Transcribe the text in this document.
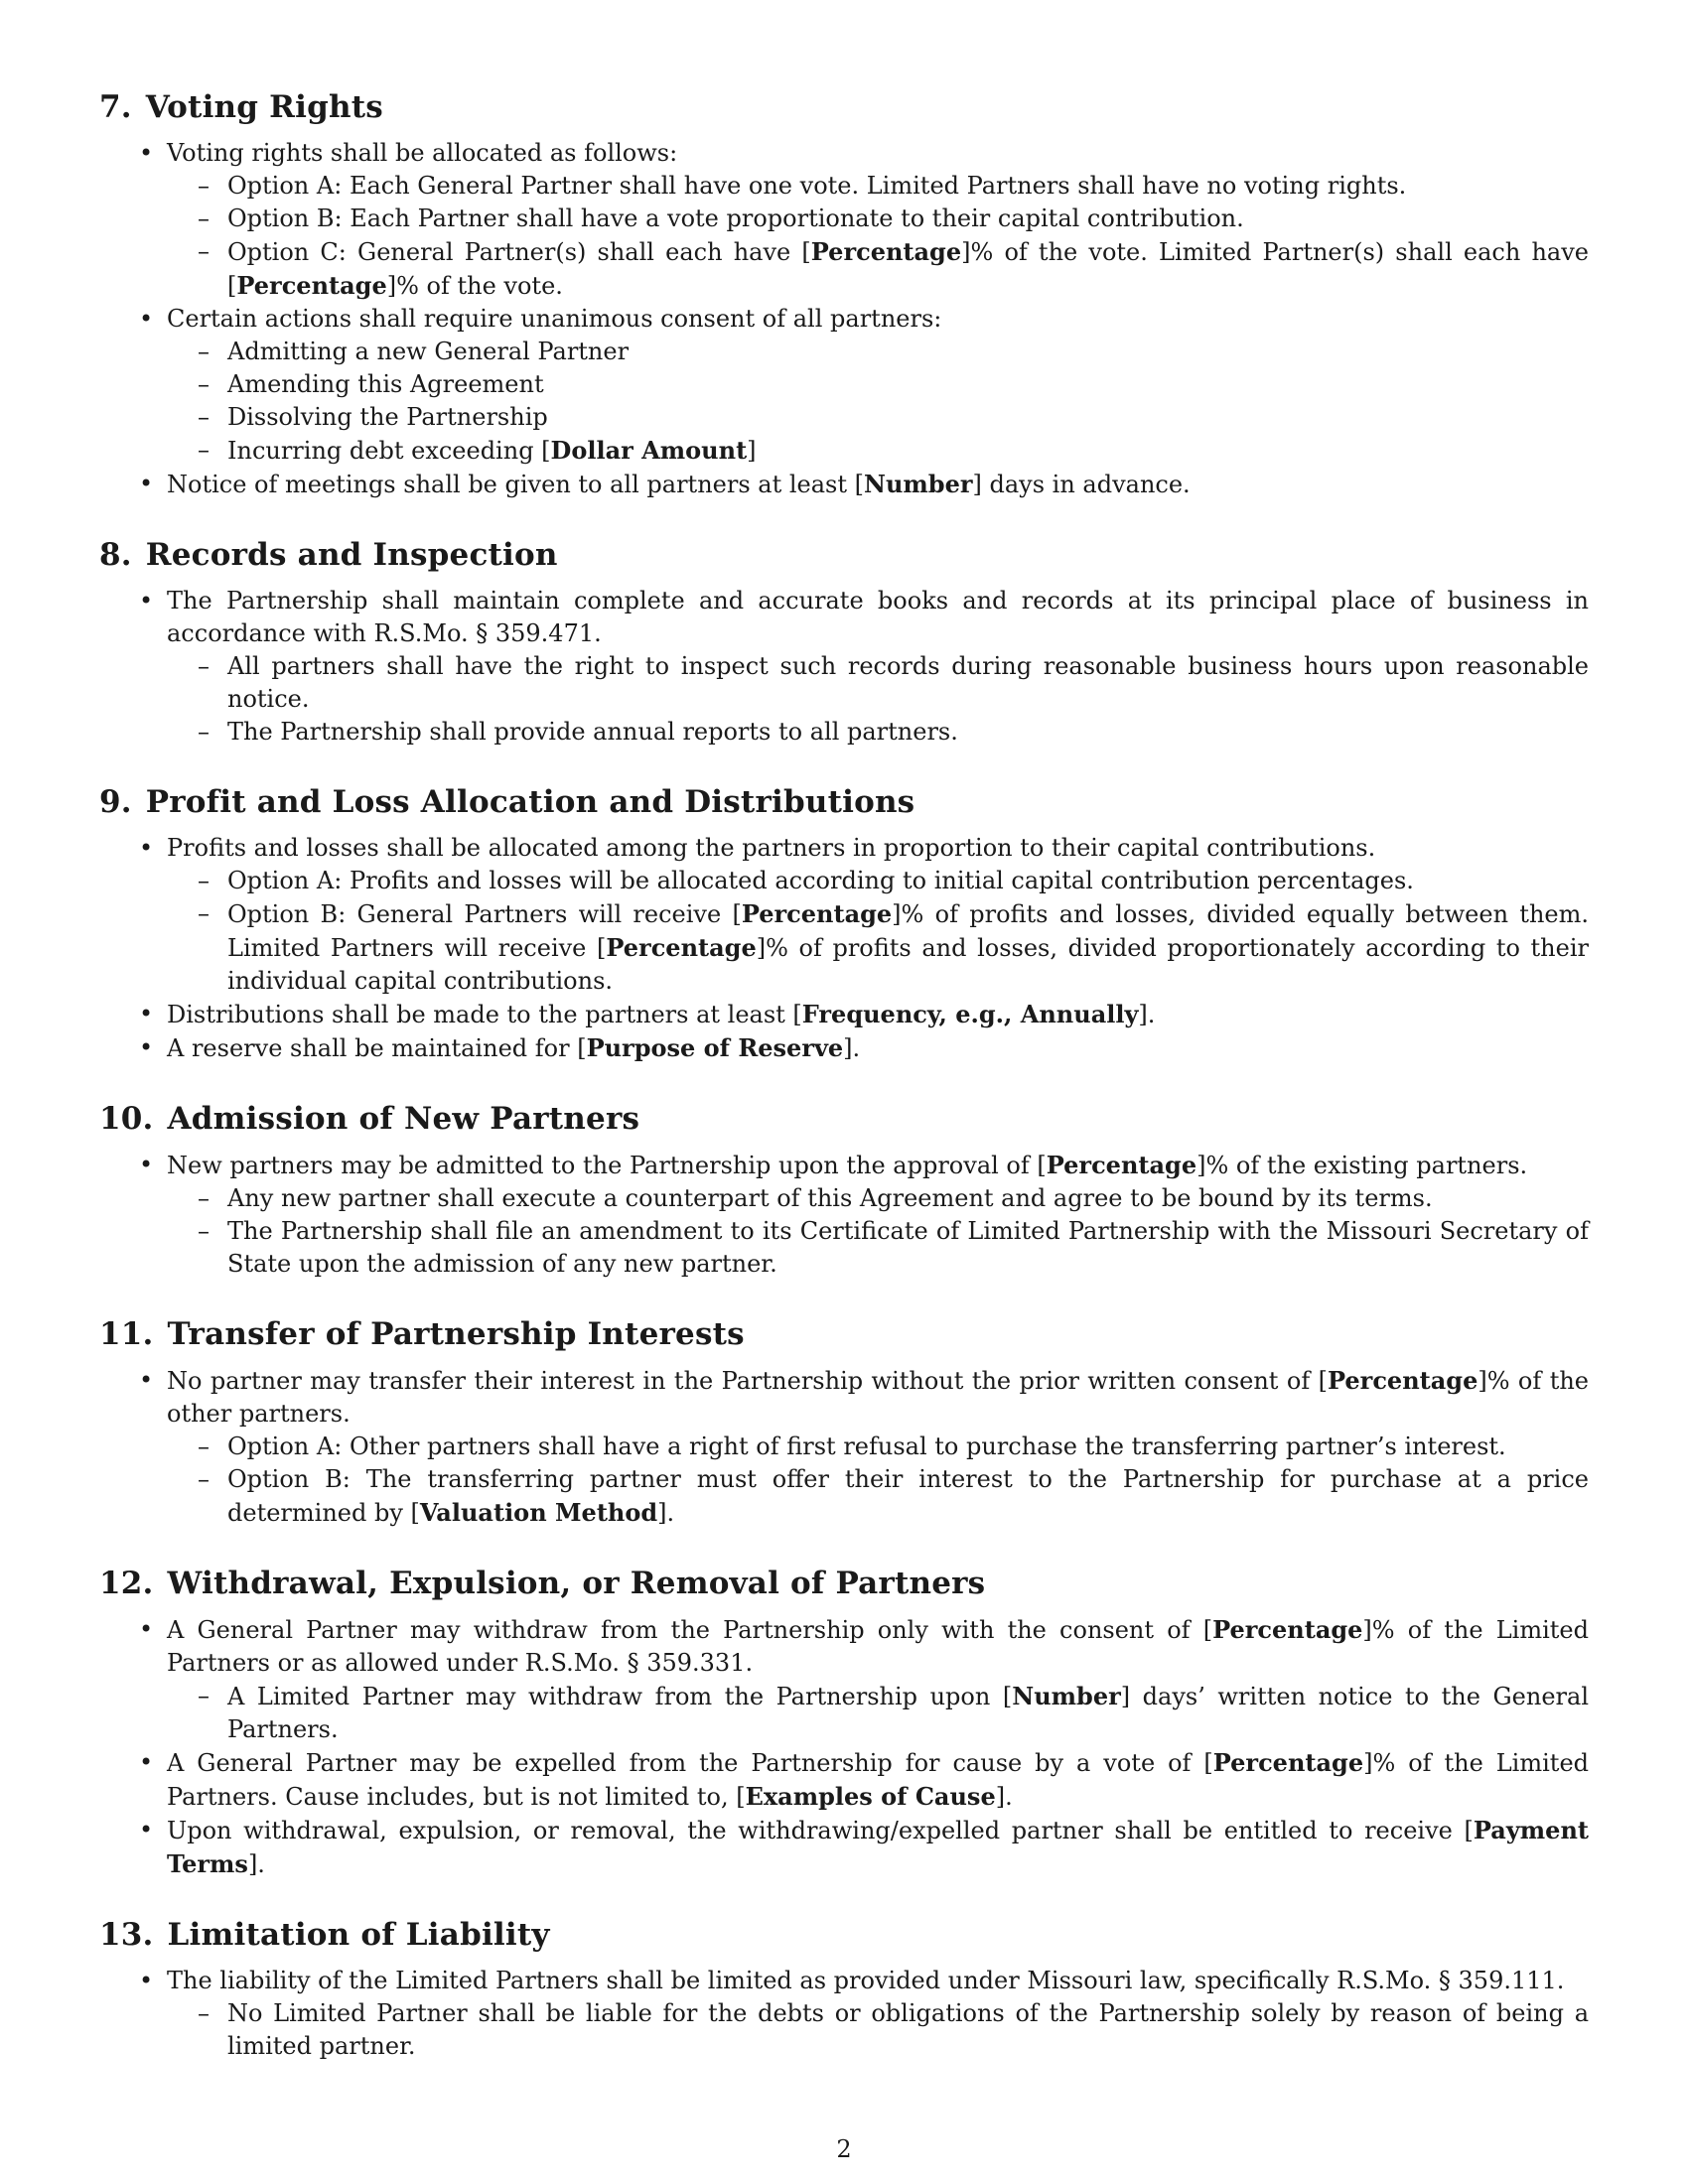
7. Voting Rights
• Voting rights shall be allocated as follows:
– Option A: Each General Partner shall have one vote. Limited Partners shall have no voting rights.
– Option B: Each Partner shall have a vote proportionate to their capital contribution.
– Option C: General Partner(s) shall each have [Percentage]% of the vote. Limited Partner(s) shall each have [Percentage]% of the vote.
• Certain actions shall require unanimous consent of all partners:
– Admitting a new General Partner
– Amending this Agreement
– Dissolving the Partnership
– Incurring debt exceeding [Dollar Amount]
• Notice of meetings shall be given to all partners at least [Number] days in advance.
8. Records and Inspection
• The Partnership shall maintain complete and accurate books and records at its principal place of business in accordance with R.S.Mo. § 359.471.
– All partners shall have the right to inspect such records during reasonable business hours upon reasonable notice.
– The Partnership shall provide annual reports to all partners.
9. Profit and Loss Allocation and Distributions
• Profits and losses shall be allocated among the partners in proportion to their capital contributions.
– Option A: Profits and losses will be allocated according to initial capital contribution percentages.
– Option B: General Partners will receive [Percentage]% of profits and losses, divided equally between them. Limited Partners will receive [Percentage]% of profits and losses, divided proportionately according to their individual capital contributions.
• Distributions shall be made to the partners at least [Frequency, e.g., Annually].
• A reserve shall be maintained for [Purpose of Reserve].
10. Admission of New Partners
• New partners may be admitted to the Partnership upon the approval of [Percentage]% of the existing partners.
– Any new partner shall execute a counterpart of this Agreement and agree to be bound by its terms.
– The Partnership shall file an amendment to its Certificate of Limited Partnership with the Missouri Secretary of State upon the admission of any new partner.
11. Transfer of Partnership Interests
• No partner may transfer their interest in the Partnership without the prior written consent of [Percentage]% of the other partners.
– Option A: Other partners shall have a right of first refusal to purchase the transferring partner’s interest.
– Option B: The transferring partner must offer their interest to the Partnership for purchase at a price determined by [Valuation Method].
12. Withdrawal, Expulsion, or Removal of Partners
• A General Partner may withdraw from the Partnership only with the consent of [Percentage]% of the Limited Partners or as allowed under R.S.Mo. § 359.331.
– A Limited Partner may withdraw from the Partnership upon [Number] days’ written notice to the General Partners.
• A General Partner may be expelled from the Partnership for cause by a vote of [Percentage]% of the Limited Partners. Cause includes, but is not limited to, [Examples of Cause].
• Upon withdrawal, expulsion, or removal, the withdrawing/expelled partner shall be entitled to receive [Payment Terms].
13. Limitation of Liability
• The liability of the Limited Partners shall be limited as provided under Missouri law, specifically R.S.Mo. § 359.111.
– No Limited Partner shall be liable for the debts or obligations of the Partnership solely by reason of being a limited partner.
2
